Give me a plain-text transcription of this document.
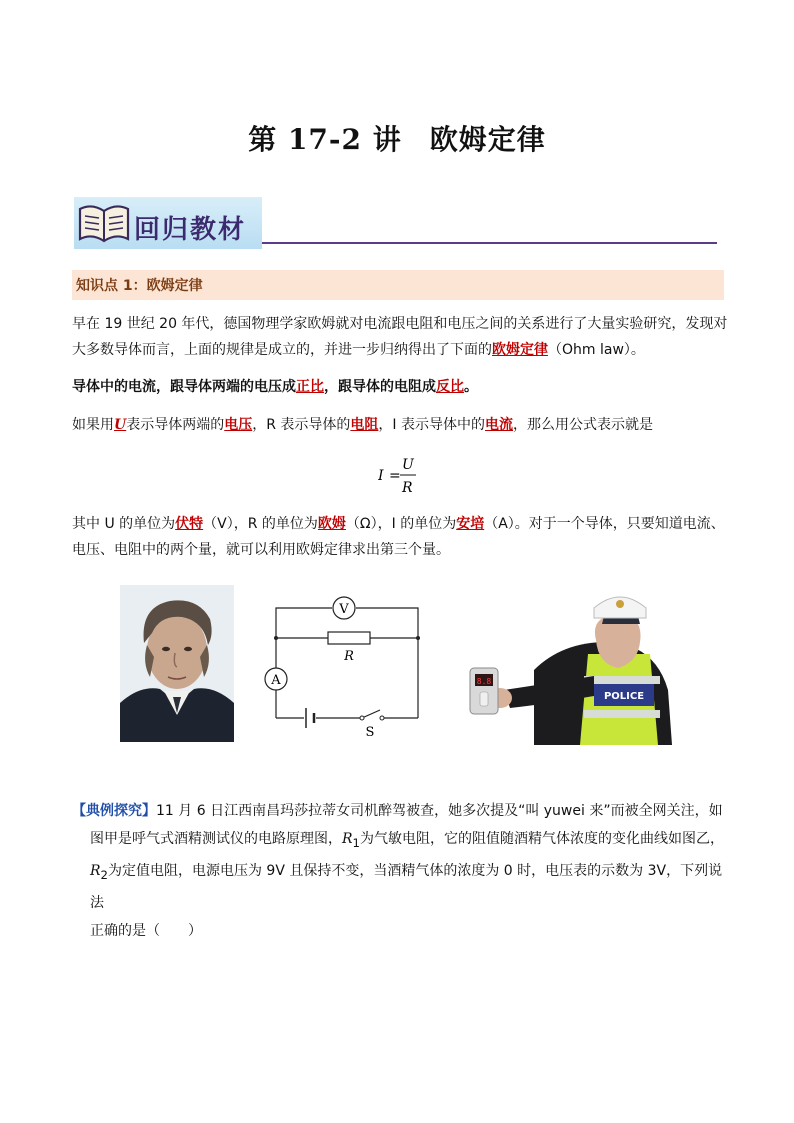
第 17-2 讲 欧姆定律
回归教材
知识点 1：欧姆定律
早在 19 世纪 20 年代，德国物理学家欧姆就对电流跟电阻和电压之间的关系进行了大量实验研究，发现对大多数导体而言，上面的规律是成立的，并进一步归纳得出了下面的欧姆定律（Ohm law）。
导体中的电流，跟导体两端的电压成正比，跟导体的电阻成反比。
如果用U表示导体两端的电压，R 表示导体的电阻，I 表示导体中的电流，那么用公式表示就是
I =
U
R
其中 U 的单位为伏特（V），R 的单位为欧姆（Ω），I 的单位为安培（A）。对于一个导体，只要知道电流、电压、电阻中的两个量，就可以利用欧姆定律求出第三个量。
V
A
R
S
POLICE
8.8
【典例探究】11 月 6 日江西南昌玛莎拉蒂女司机醉驾被查，她多次提及“叫 yuwei 来”而被全网关注，如
图甲是呼气式酒精测试仪的电路原理图，$R_1$为气敏电阻，它的阻值随酒精气体浓度的变化曲线如图乙，
$R_2$为定值电阻，电源电压为 9V 且保持不变，当酒精气体的浓度为 0 时，电压表的示数为 3V，下列说法
正确的是（　　）
